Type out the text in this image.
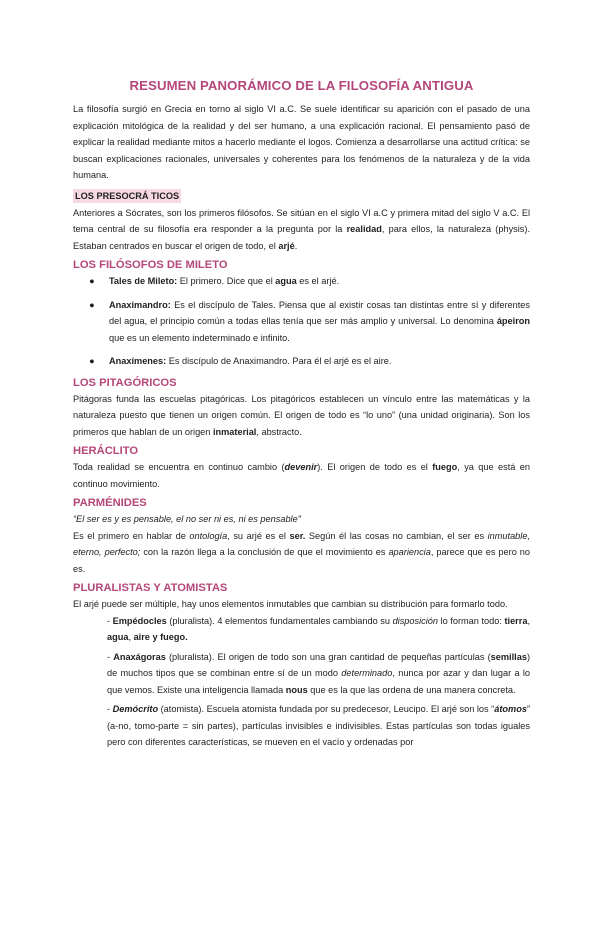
RESUMEN PANORÁMICO DE LA FILOSOFÍA ANTIGUA

La filosofía surgió en Grecia en torno al siglo VI a.C. Se suele identificar su aparición con el pasado de una explicación mitológica de la realidad y del ser humano, a una explicación racional. El pensamiento pasó de explicar la realidad mediante mitos a hacerlo mediante el logos. Comienza a desarrollarse una actitud crítica: se buscan explicaciones racionales, universales y coherentes para los fenómenos de la naturaleza y de la vida humana.

LOS PRESOCRÁ TICOS

Anteriores a Sócrates, son los primeros filósofos. Se sitúan en el siglo VI a.C y primera mitad del siglo V a.C. El tema central de su filosofía era responder a la pregunta por la realidad, para ellos, la naturaleza (physis). Estaban centrados en buscar el origen de todo, el arjé.

LOS FILÓSOFOS DE MILETO
● Tales de Mileto: El primero. Dice que el agua es el arjé.
● Anaximandro: Es el discípulo de Tales. Piensa que al existir cosas tan distintas entre sí y diferentes del agua, el principio común a todas ellas tenía que ser más amplio y universal. Lo denomina ápeiron que es un elemento indeterminado e infinito.
● Anaxímenes: Es discípulo de Anaximandro. Para él el arjé es el aire.
LOS PITAGÓRICOS

Pitágoras funda las escuelas pitagóricas. Los pitagóricos establecen un vínculo entre las matemáticas y la naturaleza puesto que tienen un origen común. El origen de todo es “lo uno” (una unidad originaria). Son los primeros que hablan de un origen inmaterial, abstracto.

HERÁCLITO

Toda realidad se encuentra en continuo cambio (devenir). El origen de todo es el fuego, ya que está en continuo movimiento.

PARMÉNIDES

“El ser es y es pensable, el no ser ni es, ni es pensable”

Es el primero en hablar de ontología, su arjé es el ser. Según él las cosas no cambian, el ser es inmutable, eterno, perfecto; con la razón llega a la conclusión de que el movimiento es apariencia, parece que es pero no es.

PLURALISTAS Y ATOMISTAS

El arjé puede ser múltiple, hay unos elementos inmutables que cambian su distribución para formarlo todo.

- Empédocles (pluralista). 4 elementos fundamentales cambiando su disposición lo forman todo: tierra, agua, aire y fuego.

- Anaxágoras (pluralista). El origen de todo son una gran cantidad de pequeñas partículas (semillas) de muchos tipos que se combinan entre sí de un modo determinado, nunca por azar y dan lugar a lo que vemos. Existe una inteligencia llamada nous que es la que las ordena de una manera concreta.

- Demócrito (atomista). Escuela atomista fundada por su predecesor, Leucipo. El arjé son los “átomos” (a-no, tomo-parte = sin partes), partículas invisibles e indivisibles. Estas partículas son todas iguales pero con diferentes características, se mueven en el vacío y ordenadas por
